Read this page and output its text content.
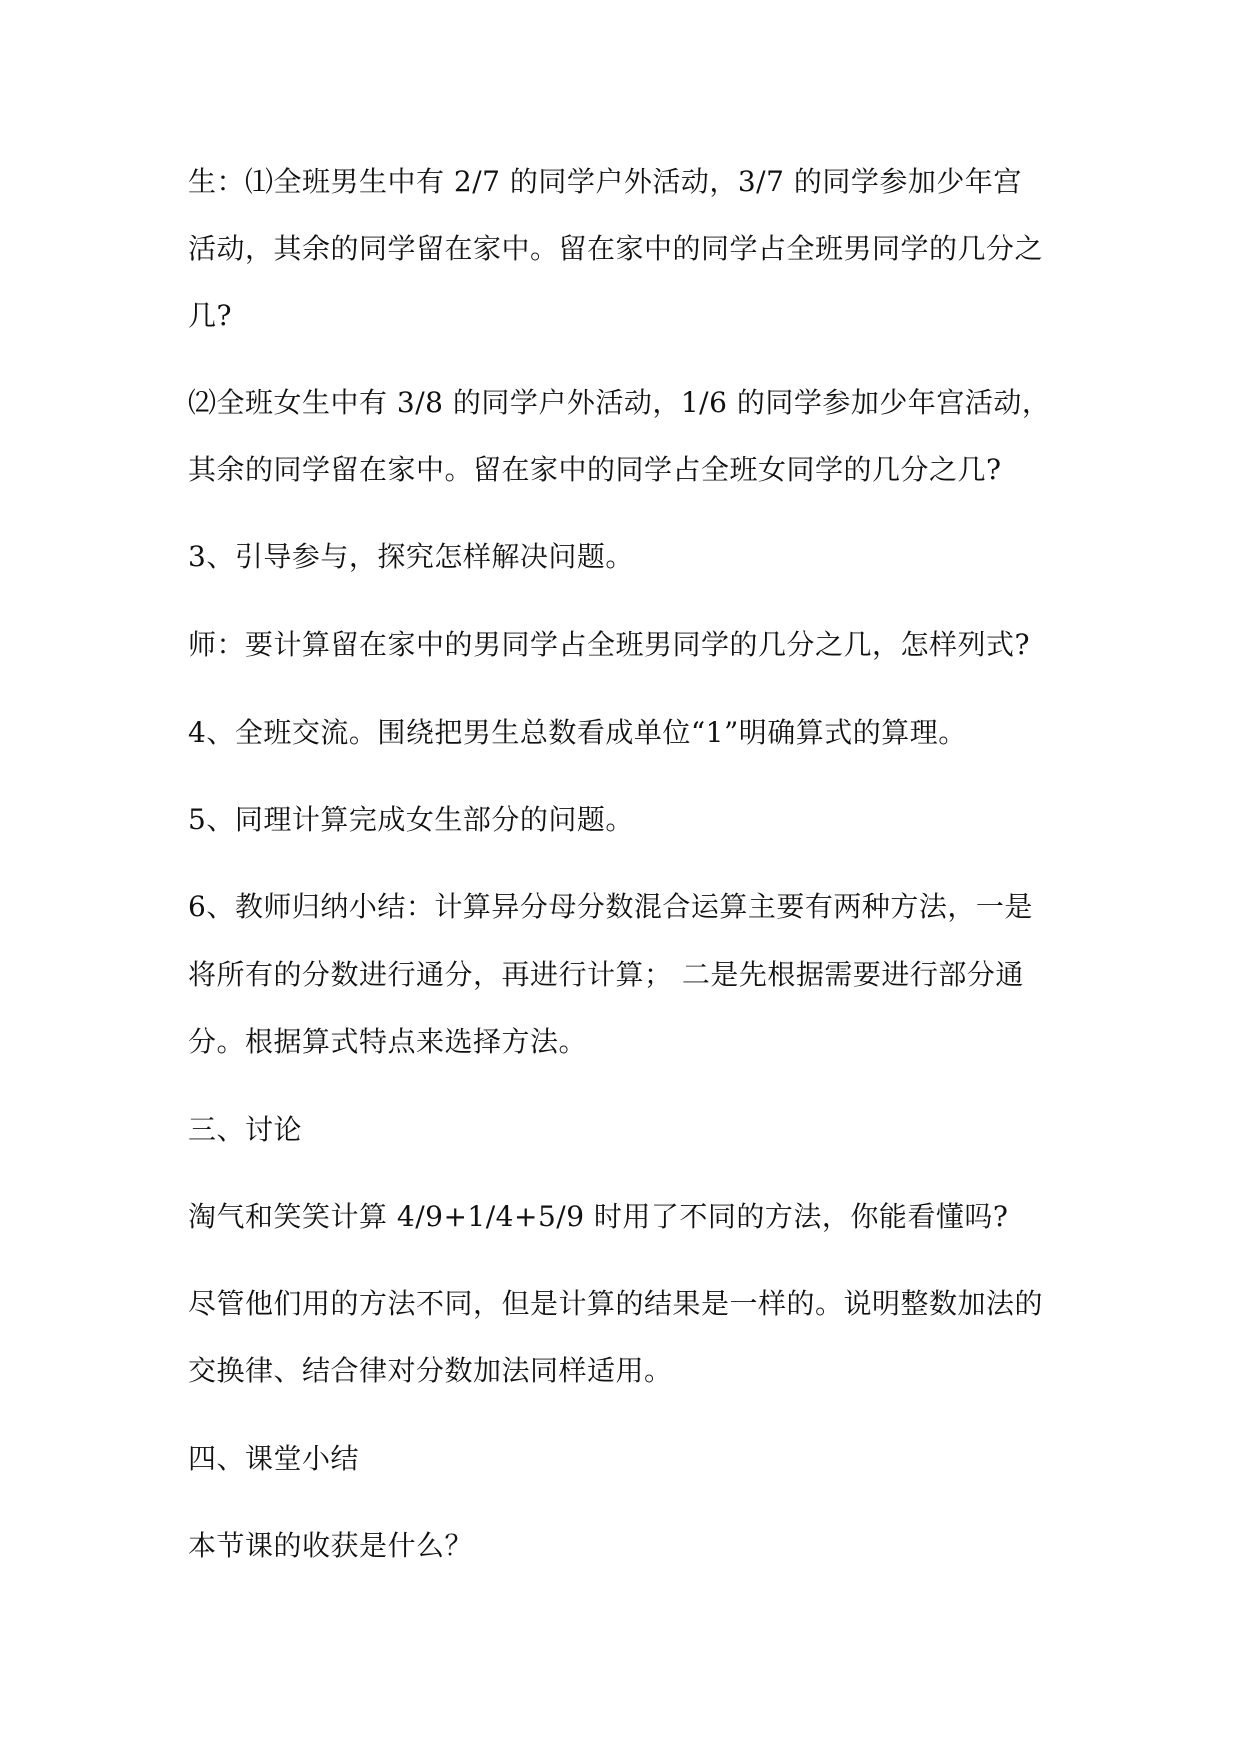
生：⑴全班男生中有 2/7 的同学户外活动，3/7 的同学参加少年宫
活动，其余的同学留在家中。留在家中的同学占全班男同学的几分之
几?
⑵全班女生中有 3/8 的同学户外活动，1/6 的同学参加少年宫活动，
其余的同学留在家中。留在家中的同学占全班女同学的几分之几?
3、引导参与，探究怎样解决问题。
师：要计算留在家中的男同学占全班男同学的几分之几，怎样列式?
4、全班交流。围绕把男生总数看成单位“1”明确算式的算理。
5、同理计算完成女生部分的问题。
6、教师归纳小结：计算异分母分数混合运算主要有两种方法，一是
将所有的分数进行通分，再进行计算； 二是先根据需要进行部分通
分。根据算式特点来选择方法。
三、讨论
淘气和笑笑计算 4/9+1/4+5/9 时用了不同的方法，你能看懂吗?
尽管他们用的方法不同，但是计算的结果是一样的。说明整数加法的
交换律、结合律对分数加法同样适用。
四、课堂小结
本节课的收获是什么？
